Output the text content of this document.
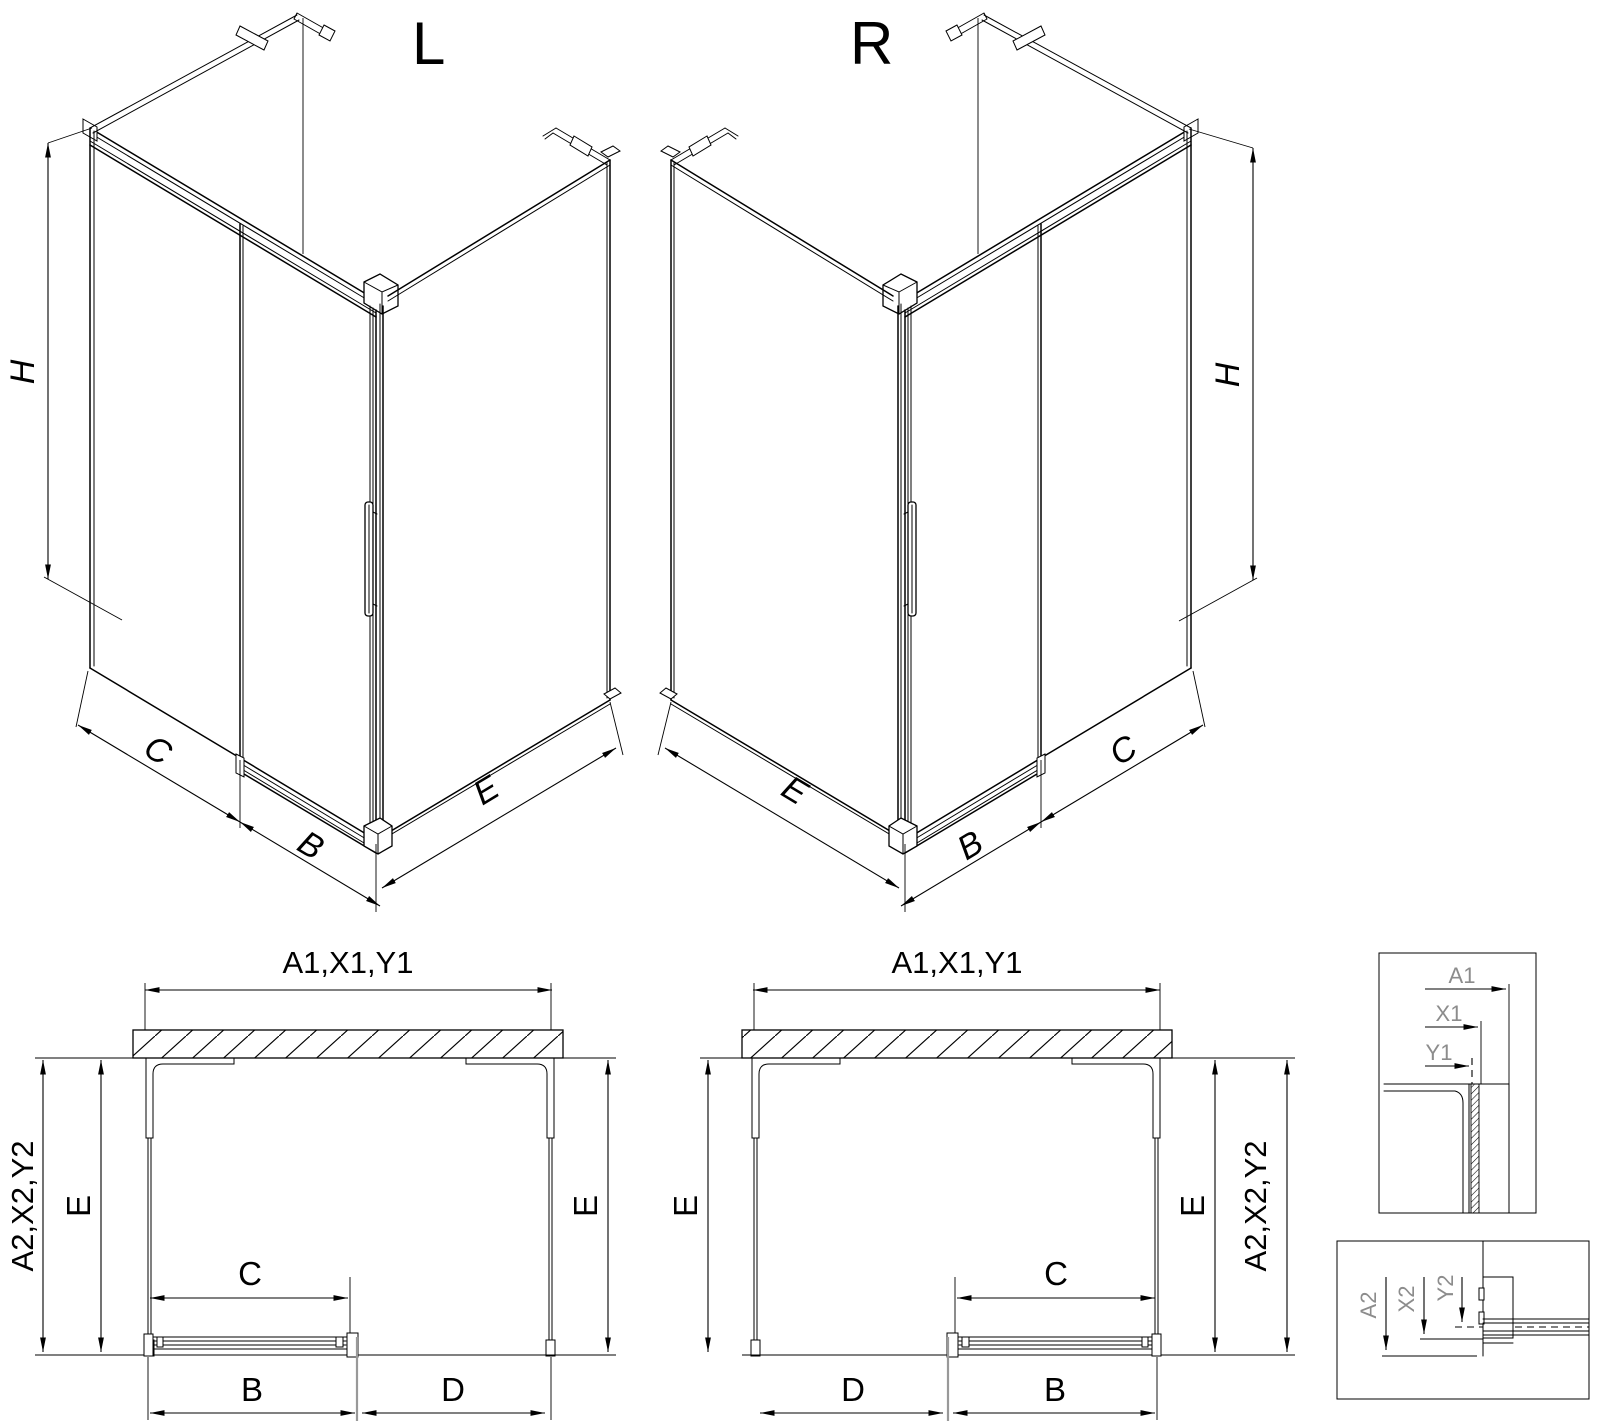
L	R
H
C
B
E
H
E
B
C
A1,X1,Y1
A2,X2,Y2 E	E
C
B	D
A1,X1,Y1
E	E A2,X2,Y2
C
D	B
A1
X1
Y1
A2 X2 Y2
